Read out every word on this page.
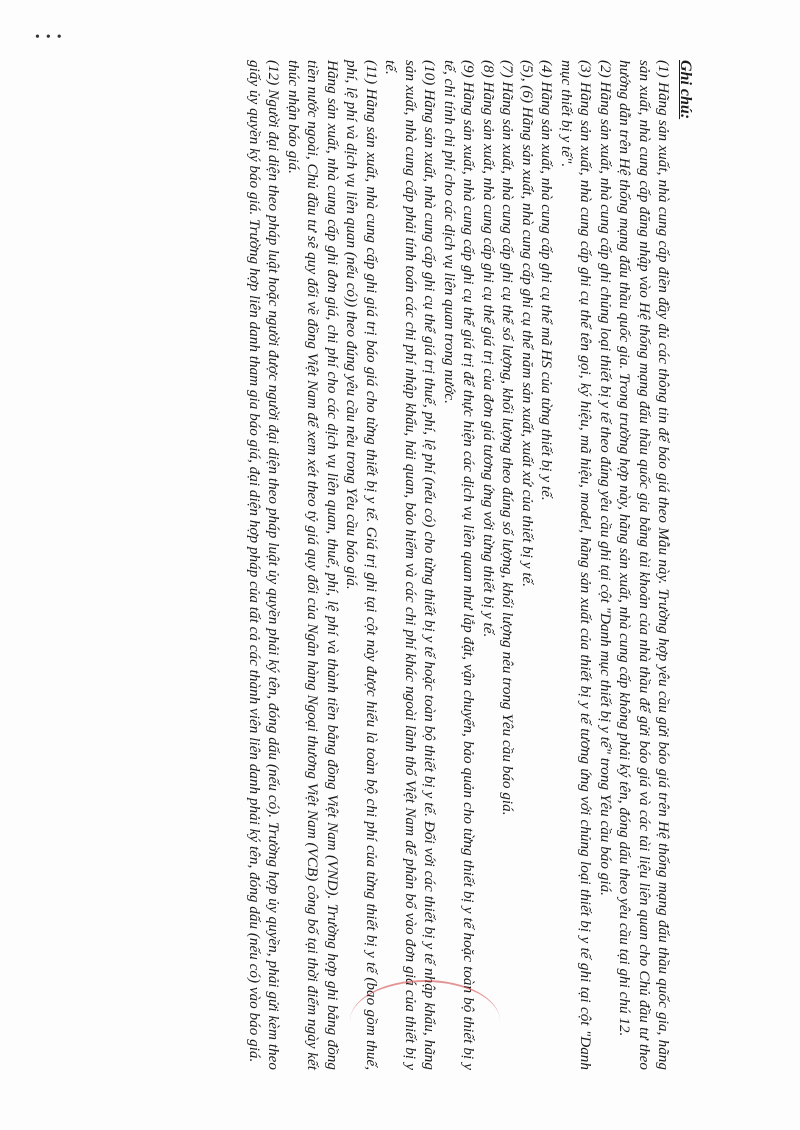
•••
Ghi chú:

(1) Hãng sản xuất, nhà cung cấp điền đầy đủ các thông tin để báo giá theo Mẫu này. Trường hợp yêu cầu gửi báo giá trên Hệ thống mạng đấu thầu quốc gia, hãng sản xuất, nhà cung cấp đăng nhập vào Hệ thống mạng đấu thầu quốc gia bằng tài khoản của nhà thầu để gửi báo giá và các tài liệu liên quan cho Chủ đầu tư theo hướng dẫn trên Hệ thống mạng đấu thầu quốc gia. Trong trường hợp này, hãng sản xuất, nhà cung cấp không phải ký tên, đóng dấu theo yêu cầu tại ghi chú 12.

(2) Hãng sản xuất, nhà cung cấp ghi chủng loại thiết bị y tế theo đúng yêu cầu ghi tại cột "Danh mục thiết bị y tế" trong Yêu cầu báo giá.

(3) Hãng sản xuất, nhà cung cấp ghi cụ thể tên gọi, ký hiệu, mã hiệu, model, hãng sản xuất của thiết bị y tế tương ứng với chủng loại thiết bị y tế ghi tại cột "Danh mục thiết bị y tế".

(4) Hãng sản xuất, nhà cung cấp ghi cụ thể mã HS của từng thiết bị y tế.

(5), (6) Hãng sản xuất, nhà cung cấp ghi cụ thể năm sản xuất, xuất xứ của thiết bị y tế.

(7) Hãng sản xuất, nhà cung cấp ghi cụ thể số lượng, khối lượng theo đúng số lượng, khối lượng nêu trong Yêu cầu báo giá.

(8) Hãng sản xuất, nhà cung cấp ghi cụ thể giá trị của đơn giá tương ứng với từng thiết bị y tế.

(9) Hãng sản xuất, nhà cung cấp ghi cụ thể giá trị để thực hiện các dịch vụ liên quan như lắp đặt, vận chuyển, bảo quản cho từng thiết bị y tế hoặc toàn bộ thiết bị y tế, chỉ tính chi phí cho các dịch vụ liên quan trong nước.

(10) Hãng sản xuất, nhà cung cấp ghi cụ thể giá trị thuế, phí, lệ phí (nếu có) cho từng thiết bị y tế hoặc toàn bộ thiết bị y tế. Đối với các thiết bị y tế nhập khẩu, hãng sản xuất, nhà cung cấp phải tính toán các chi phí nhập khẩu, hải quan, bảo hiểm và các chi phí khác ngoài lãnh thổ Việt Nam để phân bổ vào đơn giá của thiết bị y tế.

(11) Hãng sản xuất, nhà cung cấp ghi giá trị báo giá cho từng thiết bị y tế. Giá trị ghi tại cột này được hiểu là toàn bộ chi phí của từng thiết bị y tế (bao gồm thuế, phí, lệ phí và dịch vụ liên quan (nếu có)) theo đúng yêu cầu nêu trong Yêu cầu báo giá.

Hãng sản xuất, nhà cung cấp ghi đơn giá, chi phí cho các dịch vụ liên quan, thuế, phí, lệ phí và thành tiền bằng đồng Việt Nam (VND). Trường hợp ghi bằng đồng tiền nước ngoài, Chủ đầu tư sẽ quy đổi về đồng Việt Nam để xem xét theo tỷ giá quy đổi của Ngân hàng Ngoại thương Việt Nam (VCB) công bố tại thời điểm ngày kết thúc nhận báo giá.

(12) Người đại diện theo pháp luật hoặc người được người đại diện theo pháp luật ủy quyền phải ký tên, đóng dấu (nếu có). Trường hợp ủy quyền, phải gửi kèm theo giấy ủy quyền ký báo giá. Trường hợp liên danh tham gia báo giá, đại diện hợp pháp của tất cả các thành viên liên danh phải ký tên, đóng dấu (nếu có) vào báo giá.
